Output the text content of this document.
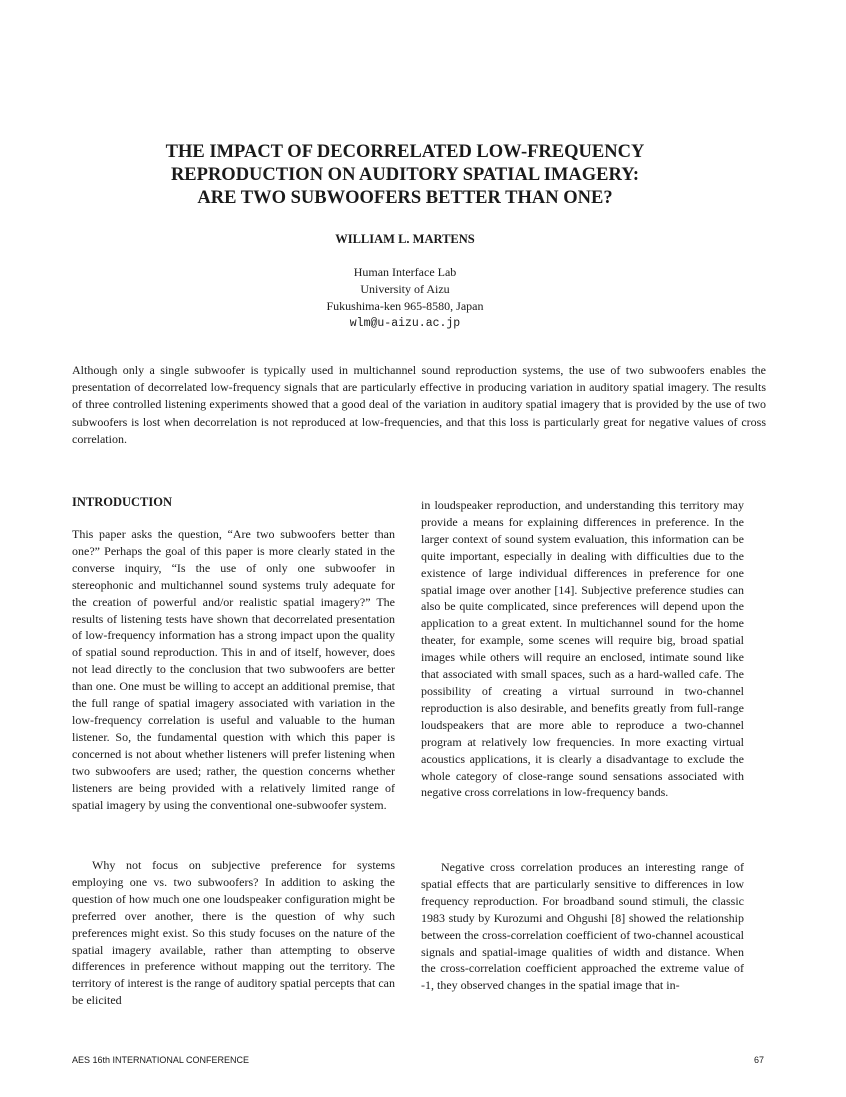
THE IMPACT OF DECORRELATED LOW-FREQUENCY
REPRODUCTION ON AUDITORY SPATIAL IMAGERY:
ARE TWO SUBWOOFERS BETTER THAN ONE?
WILLIAM L. MARTENS
Human Interface Lab
University of Aizu
Fukushima-ken 965-8580, Japan
wlm@u-aizu.ac.jp

Although only a single subwoofer is typically used in multichannel sound reproduction systems, the use of two subwoofers enables the presentation of decorrelated low-frequency signals that are particularly effective in producing variation in auditory spatial imagery. The results of three controlled listening experiments showed that a good deal of the variation in auditory spatial imagery that is provided by the use of two subwoofers is lost when decorrelation is not reproduced at low-frequencies, and that this loss is particularly great for negative values of cross correlation.

INTRODUCTION

This paper asks the question, “Are two subwoofers better than one?” Perhaps the goal of this paper is more clearly stated in the converse inquiry, “Is the use of only one subwoofer in stereophonic and multichannel sound systems truly adequate for the creation of powerful and/or realistic spatial imagery?” The results of listening tests have shown that decorrelated presentation of low-frequency information has a strong impact upon the quality of spatial sound reproduction. This in and of itself, however, does not lead directly to the conclusion that two subwoofers are better than one. One must be willing to accept an additional premise, that the full range of spatial imagery associated with variation in the low-frequency correlation is useful and valuable to the human listener. So, the fundamental question with which this paper is concerned is not about whether listeners will prefer listening when two subwoofers are used; rather, the question concerns whether listeners are being provided with a relatively limited range of spatial imagery by using the conventional one-subwoofer system.

Why not focus on subjective preference for systems employing one vs. two subwoofers? In addition to asking the question of how much one one loudspeaker configuration might be preferred over another, there is the question of why such preferences might exist. So this study focuses on the nature of the spatial imagery available, rather than attempting to observe differences in preference without mapping out the territory. The territory of interest is the range of auditory spatial percepts that can be elicited

in loudspeaker reproduction, and understanding this territory may provide a means for explaining differences in preference. In the larger context of sound system evaluation, this information can be quite important, especially in dealing with difficulties due to the existence of large individual differences in preference for one spatial image over another [14]. Subjective preference studies can also be quite complicated, since preferences will depend upon the application to a great extent. In multichannel sound for the home theater, for example, some scenes will require big, broad spatial images while others will require an enclosed, intimate sound like that associated with small spaces, such as a hard-walled cafe. The possibility of creating a virtual surround in two-channel reproduction is also desirable, and benefits greatly from full-range loudspeakers that are more able to reproduce a two-channel program at relatively low frequencies. In more exacting virtual acoustics applications, it is clearly a disadvantage to exclude the whole category of close-range sound sensations associated with negative cross correlations in low-frequency bands.

Negative cross correlation produces an interesting range of spatial effects that are particularly sensitive to differences in low frequency reproduction. For broadband sound stimuli, the classic 1983 study by Kurozumi and Ohgushi [8] showed the relationship between the cross-correlation coefficient of two-channel acoustical signals and spatial-image qualities of width and distance. When the cross-correlation coefficient approached the extreme value of -1, they observed changes in the spatial image that in-

AES 16th INTERNATIONAL CONFERENCE	67
